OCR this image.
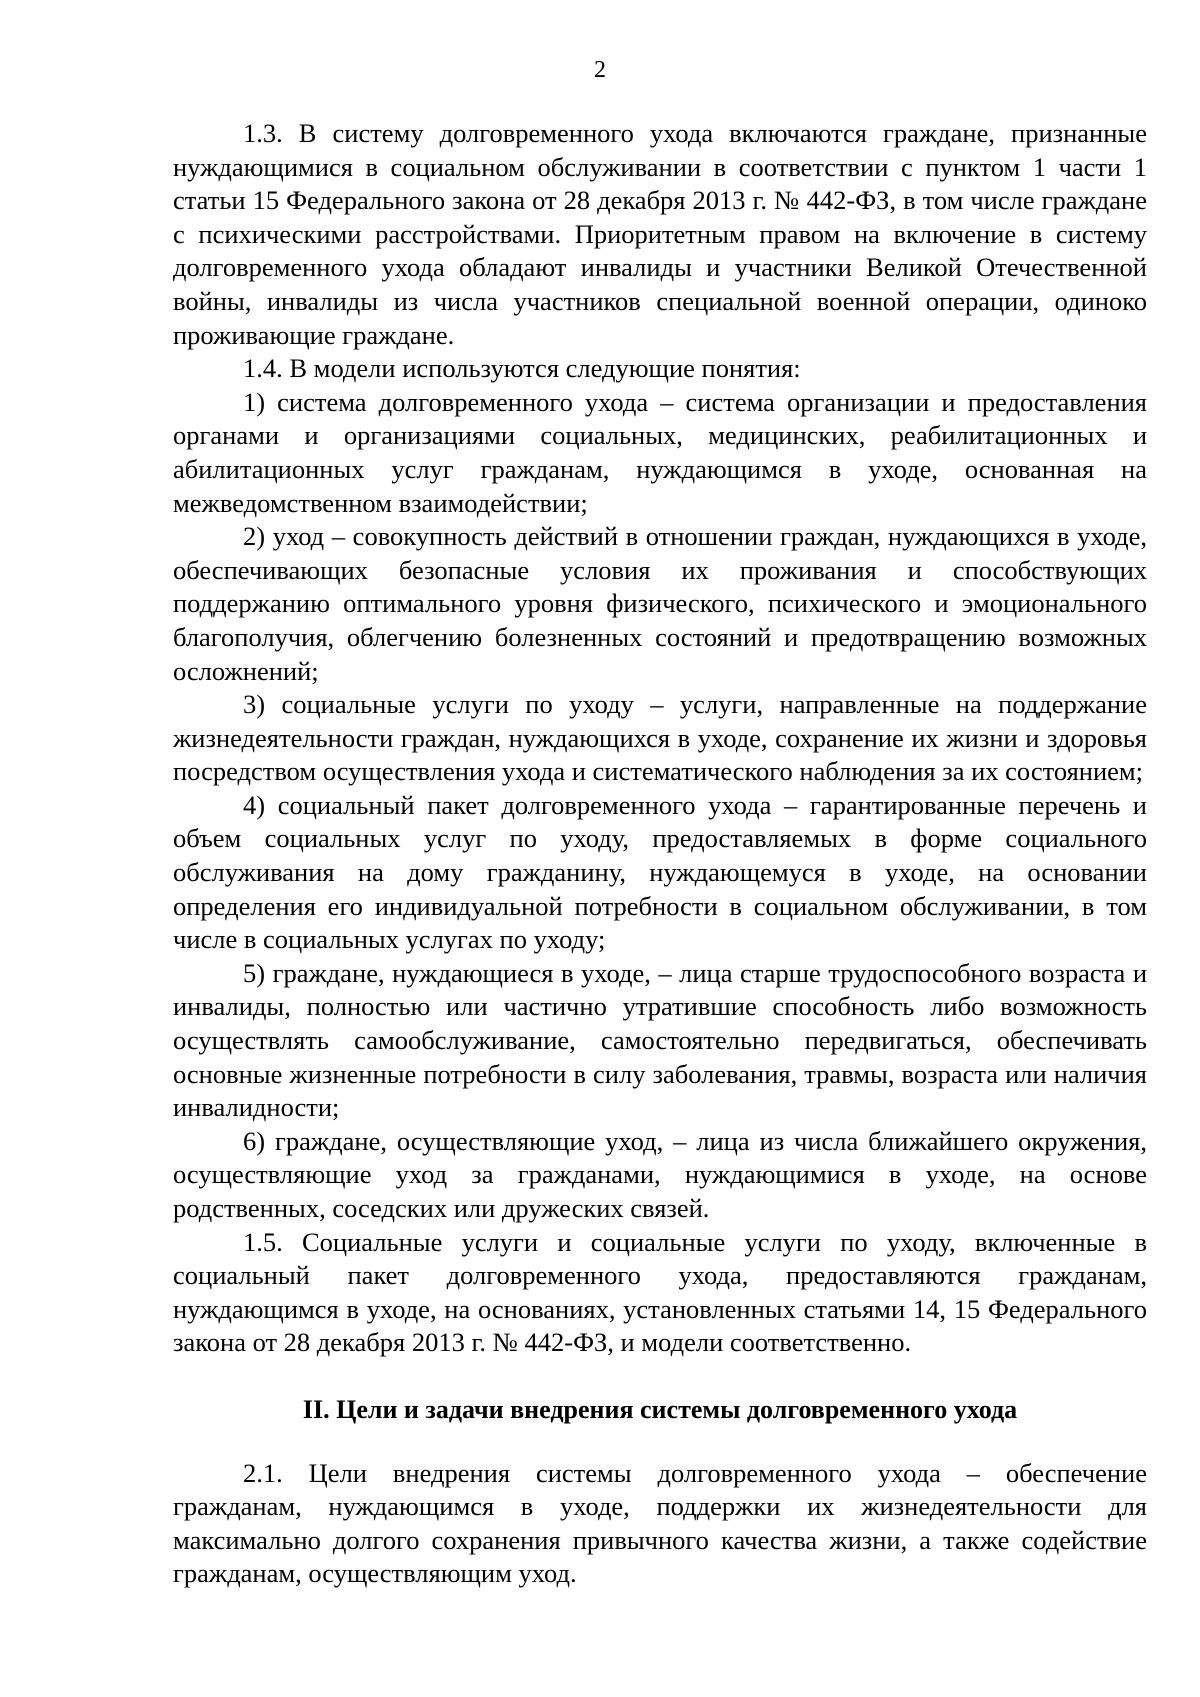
2

1.3. В систему долговременного ухода включаются граждане, признанные нуждающимися в социальном обслуживании в соответствии с пунктом 1 части 1 статьи 15 Федерального закона от 28 декабря 2013 г. № 442-ФЗ, в том числе граждане с психическими расстройствами. Приоритетным правом на включение в систему долговременного ухода обладают инвалиды и участники Великой Отечественной войны, инвалиды из числа участников специальной военной операции, одиноко проживающие граждане.

1.4. В модели используются следующие понятия:

1) система долговременного ухода – система организации и предоставления органами и организациями социальных, медицинских, реабилитационных и абилитационных услуг гражданам, нуждающимся в уходе, основанная на межведомственном взаимодействии;

2) уход – совокупность действий в отношении граждан, нуждающихся в уходе, обеспечивающих безопасные условия их проживания и способствующих поддержанию оптимального уровня физического, психического и эмоционального благополучия, облегчению болезненных состояний и предотвращению возможных осложнений;

3) социальные услуги по уходу – услуги, направленные на поддержание жизнедеятельности граждан, нуждающихся в уходе, сохранение их жизни и здоровья посредством осуществления ухода и систематического наблюдения за их состоянием;

4) социальный пакет долговременного ухода – гарантированные перечень и объем социальных услуг по уходу, предоставляемых в форме социального обслуживания на дому гражданину, нуждающемуся в уходе, на основании определения его индивидуальной потребности в социальном обслуживании, в том числе в социальных услугах по уходу;

5) граждане, нуждающиеся в уходе, – лица старше трудоспособного возраста и инвалиды, полностью или частично утратившие способность либо возможность осуществлять самообслуживание, самостоятельно передвигаться, обеспечивать основные жизненные потребности в силу заболевания, травмы, возраста или наличия инвалидности;

6) граждане, осуществляющие уход, – лица из числа ближайшего окружения, осуществляющие уход за гражданами, нуждающимися в уходе, на основе родственных, соседских или дружеских связей.

1.5. Социальные услуги и социальные услуги по уходу, включенные в социальный пакет долговременного ухода, предоставляются гражданам, нуждающимся в уходе, на основаниях, установленных статьями 14, 15 Федерального закона от 28 декабря 2013 г. № 442-ФЗ, и модели соответственно.

II. Цели и задачи внедрения системы долговременного ухода

2.1. Цели внедрения системы долговременного ухода – обеспечение гражданам, нуждающимся в уходе, поддержки их жизнедеятельности для максимально долгого сохранения привычного качества жизни, а также содействие гражданам, осуществляющим уход.
